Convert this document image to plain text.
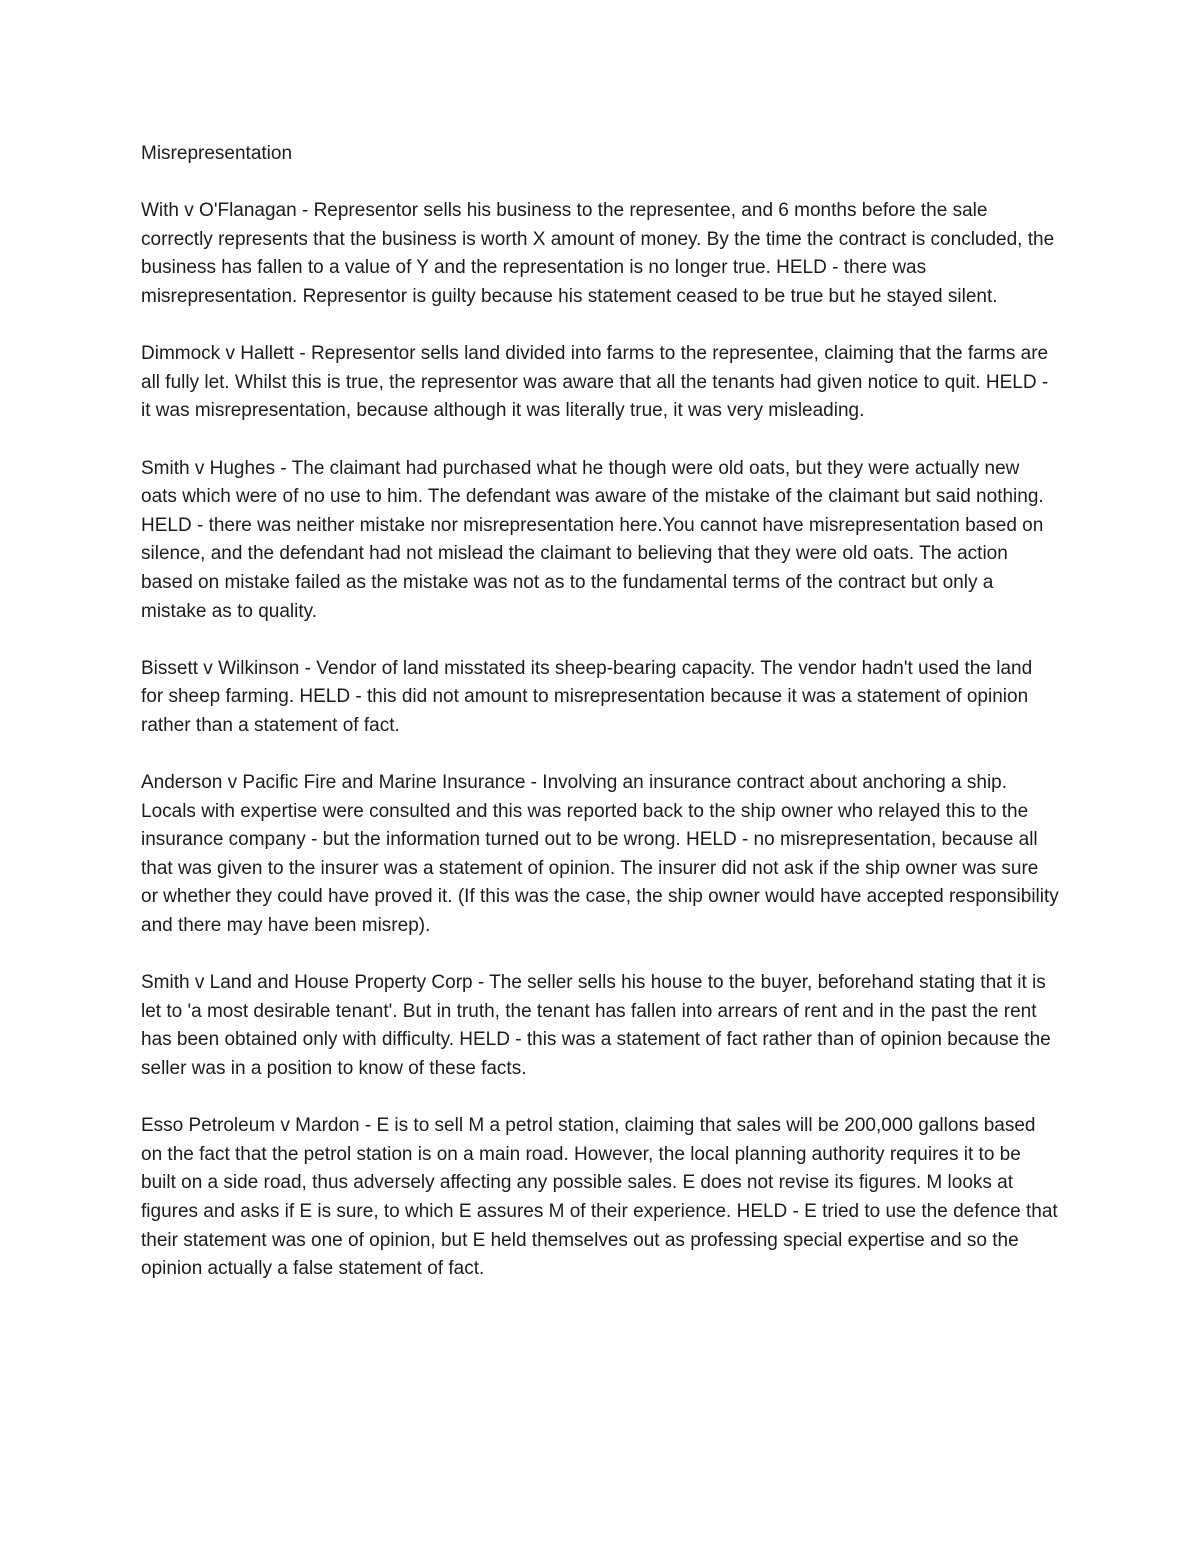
Misrepresentation

With v O'Flanagan - Representor sells his business to the representee, and 6 months before the sale correctly represents that the business is worth X amount of money. By the time the contract is concluded, the business has fallen to a value of Y and the representation is no longer true. HELD - there was misrepresentation. Representor is guilty because his statement ceased to be true but he stayed silent.

Dimmock v Hallett - Representor sells land divided into farms to the representee, claiming that the farms are all fully let. Whilst this is true, the representor was aware that all the tenants had given notice to quit. HELD - it was misrepresentation, because although it was literally true, it was very misleading.

Smith v Hughes - The claimant had purchased what he though were old oats, but they were actually new oats which were of no use to him. The defendant was aware of the mistake of the claimant but said nothing. HELD - there was neither mistake nor misrepresentation here.You cannot have misrepresentation based on silence, and the defendant had not mislead the claimant to believing that they were old oats. The action based on mistake failed as the mistake was not as to the fundamental terms of the contract but only a mistake as to quality.

Bissett v Wilkinson - Vendor of land misstated its sheep-bearing capacity. The vendor hadn't used the land for sheep farming. HELD - this did not amount to misrepresentation because it was a statement of opinion rather than a statement of fact.

Anderson v Pacific Fire and Marine Insurance - Involving an insurance contract about anchoring a ship. Locals with expertise were consulted and this was reported back to the ship owner who relayed this to the insurance company - but the information turned out to be wrong. HELD - no misrepresentation, because all that was given to the insurer was a statement of opinion. The insurer did not ask if the ship owner was sure or whether they could have proved it. (If this was the case, the ship owner would have accepted responsibility and there may have been misrep).

Smith v Land and House Property Corp - The seller sells his house to the buyer, beforehand stating that it is let to 'a most desirable tenant'. But in truth, the tenant has fallen into arrears of rent and in the past the rent has been obtained only with difficulty. HELD - this was a statement of fact rather than of opinion because the seller was in a position to know of these facts.

Esso Petroleum v Mardon - E is to sell M a petrol station, claiming that sales will be 200,000 gallons based on the fact that the petrol station is on a main road. However, the local planning authority requires it to be built on a side road, thus adversely affecting any possible sales. E does not revise its figures. M looks at figures and asks if E is sure, to which E assures M of their experience. HELD - E tried to use the defence that their statement was one of opinion, but E held themselves out as professing special expertise and so the opinion actually a false statement of fact.
